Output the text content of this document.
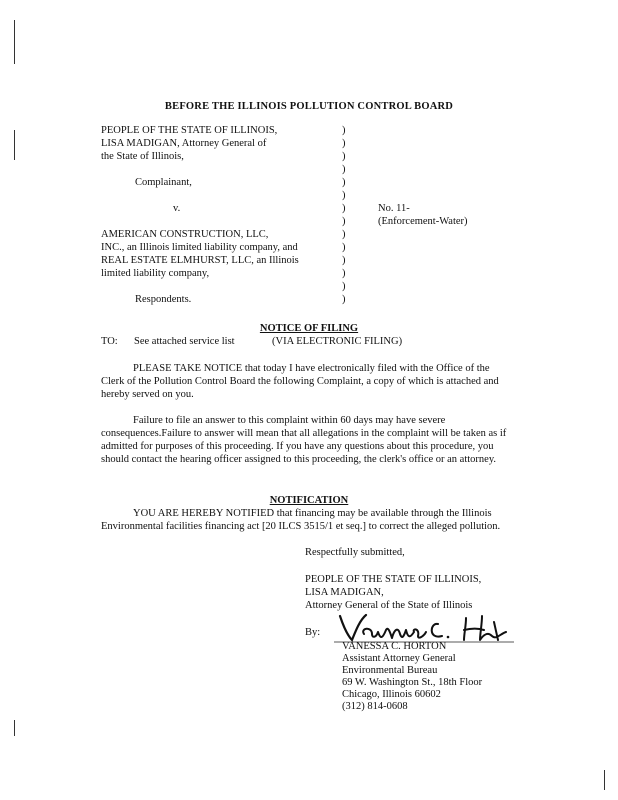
BEFORE THE ILLINOIS POLLUTION CONTROL BOARD
PEOPLE OF THE STATE OF ILLINOIS,
LISA MADIGAN, Attorney General of
the State of Illinois,
Complainant,
v.
AMERICAN CONSTRUCTION, LLC,
INC., an Illinois limited liability company, and
REAL ESTATE ELMHURST, LLC, an Illinois
limited liability company,
Respondents.
)
)
)
)
)
)
)
)
)
)
)
)
)
)
No. 11-
(Enforcement-Water)
NOTICE OF FILING
TO: See attached service list	(VIA ELECTRONIC FILING)

PLEASE TAKE NOTICE that today I have electronically filed with the Office of the Clerk of the Pollution Control Board the following Complaint, a copy of which is attached and hereby served on you.

Failure to file an answer to this complaint within 60 days may have severe consequences.Failure to answer will mean that all allegations in the complaint will be taken as if admitted for purposes of this proceeding. If you have any questions about this procedure, you should contact the hearing officer assigned to this proceeding, the clerk's office or an attorney.

NOTIFICATION

YOU ARE HEREBY NOTIFIED that financing may be available through the Illinois Environmental facilities financing act [20 ILCS 3515/1 et seq.] to correct the alleged pollution.

Respectfully submitted,
PEOPLE OF THE STATE OF ILLINOIS,
LISA MADIGAN,
Attorney General of the State of Illinois
By:
VANESSA C. HORTON
Assistant Attorney General
Environmental Bureau
69 W. Washington St., 18th Floor
Chicago, Illinois 60602
(312) 814-0608
